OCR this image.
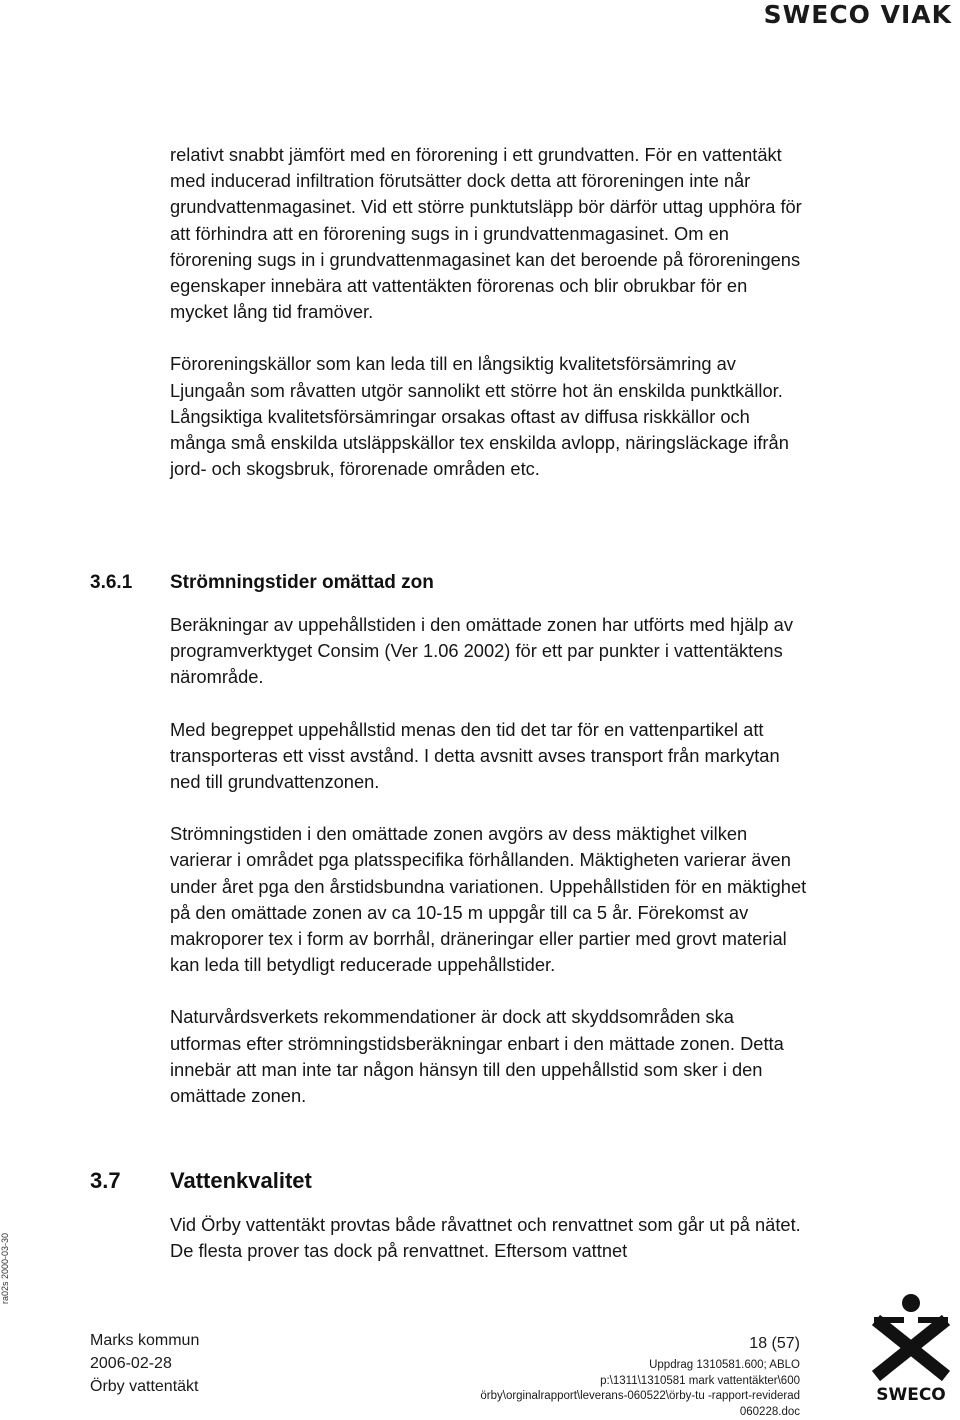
SWECO VIAK
ra02s 2000-03-30

relativt snabbt jämfört med en förorening i ett grundvatten. För en vattentäkt med inducerad infiltration förutsätter dock detta att föroreningen inte når grundvattenmagasinet. Vid ett större punktutsläpp bör därför uttag upphöra för att förhindra att en förorening sugs in i grundvattenmagasinet. Om en förorening sugs in i grundvattenmagasinet kan det beroende på föroreningens egenskaper innebära att vattentäkten förorenas och blir obrukbar för en mycket lång tid framöver.

Föroreningskällor som kan leda till en långsiktig kvalitetsförsämring av Ljungaån som råvatten utgör sannolikt ett större hot än enskilda punktkällor. Långsiktiga kvalitetsförsämringar orsakas oftast av diffusa riskkällor och många små enskilda utsläppskällor tex enskilda avlopp, näringsläckage ifrån jord- och skogsbruk, förorenade områden etc.

3.6.1 Strömningstider omättad zon

Beräkningar av uppehållstiden i den omättade zonen har utförts med hjälp av programverktyget Consim (Ver 1.06 2002) för ett par punkter i vattentäktens närområde.

Med begreppet uppehållstid menas den tid det tar för en vattenpartikel att transporteras ett visst avstånd. I detta avsnitt avses transport från markytan ned till grundvattenzonen.

Strömningstiden i den omättade zonen avgörs av dess mäktighet vilken varierar i området pga platsspecifika förhållanden. Mäktigheten varierar även under året pga den årstidsbundna variationen. Uppehållstiden för en mäktighet på den omättade zonen av ca 10-15 m uppgår till ca 5 år. Förekomst av makroporer tex i form av borrhål, dräneringar eller partier med grovt material kan leda till betydligt reducerade uppehållstider.

Naturvårdsverkets rekommendationer är dock att skyddsområden ska utformas efter strömningstidsberäkningar enbart i den mättade zonen. Detta innebär att man inte tar någon hänsyn till den uppehållstid som sker i den omättade zonen.

3.7 Vattenkvalitet

Vid Örby vattentäkt provtas både råvattnet och renvattnet som går ut på nätet. De flesta prover tas dock på renvattnet. Eftersom vattnet

Marks kommun
2006-02-28
Örby vattentäkt
18 (57)
Uppdrag 1310581.600; ABLO
p:\1311\1310581 mark vattentäkter\600
örby\orginalrapport\leverans-060522\örby-tu -rapport-reviderad
060228.doc
SWECO
